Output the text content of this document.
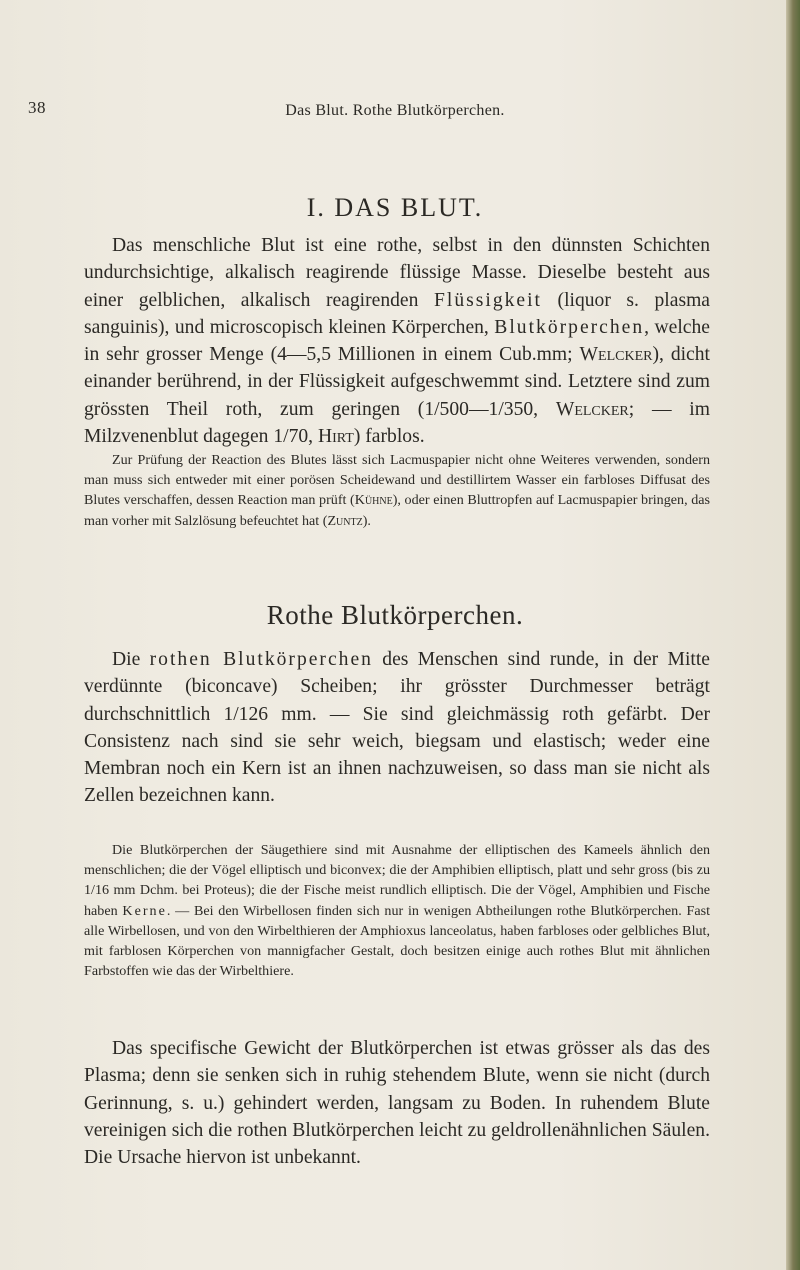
38	Das Blut. Rothe Blutkörperchen.
I. DAS BLUT.

Das menschliche Blut ist eine rothe, selbst in den dünnsten Schichten undurchsichtige, alkalisch reagirende flüssige Masse. Dieselbe besteht aus einer gelblichen, alkalisch reagirenden Flüssigkeit (liquor s. plasma sanguinis), und microscopisch kleinen Körperchen, Blutkörperchen, welche in sehr grosser Menge (4—5,5 Millionen in einem Cub.mm; Welcker), dicht einander berührend, in der Flüssigkeit aufgeschwemmt sind. Letztere sind zum grössten Theil roth, zum geringen (1/500—1/350, Welcker; — im Milzvenenblut dagegen 1/70, Hirt) farblos.

Zur Prüfung der Reaction des Blutes lässt sich Lacmuspapier nicht ohne Weiteres verwenden, sondern man muss sich entweder mit einer porösen Scheidewand und destillirtem Wasser ein farbloses Diffusat des Blutes verschaffen, dessen Reaction man prüft (Kühne), oder einen Bluttropfen auf Lacmuspapier bringen, das man vorher mit Salzlösung befeuchtet hat (Zuntz).

Rothe Blutkörperchen.

Die rothen Blutkörperchen des Menschen sind runde, in der Mitte verdünnte (biconcave) Scheiben; ihr grösster Durchmesser beträgt durchschnittlich 1/126 mm. — Sie sind gleichmässig roth gefärbt. Der Consistenz nach sind sie sehr weich, biegsam und elastisch; weder eine Membran noch ein Kern ist an ihnen nachzuweisen, so dass man sie nicht als Zellen bezeichnen kann.

Die Blutkörperchen der Säugethiere sind mit Ausnahme der elliptischen des Kameels ähnlich den menschlichen; die der Vögel elliptisch und biconvex; die der Amphibien elliptisch, platt und sehr gross (bis zu 1/16 mm Dchm. bei Proteus); die der Fische meist rundlich elliptisch. Die der Vögel, Amphibien und Fische haben Kerne. — Bei den Wirbellosen finden sich nur in wenigen Abtheilungen rothe Blutkörperchen. Fast alle Wirbellosen, und von den Wirbelthieren der Amphioxus lanceolatus, haben farbloses oder gelbliches Blut, mit farblosen Körperchen von mannigfacher Gestalt, doch besitzen einige auch rothes Blut mit ähnlichen Farbstoffen wie das der Wirbelthiere.

Das specifische Gewicht der Blutkörperchen ist etwas grösser als das des Plasma; denn sie senken sich in ruhig stehendem Blute, wenn sie nicht (durch Gerinnung, s. u.) gehindert werden, langsam zu Boden. In ruhendem Blute vereinigen sich die rothen Blutkörperchen leicht zu geldrollenähnlichen Säulen. Die Ursache hiervon ist unbekannt.
